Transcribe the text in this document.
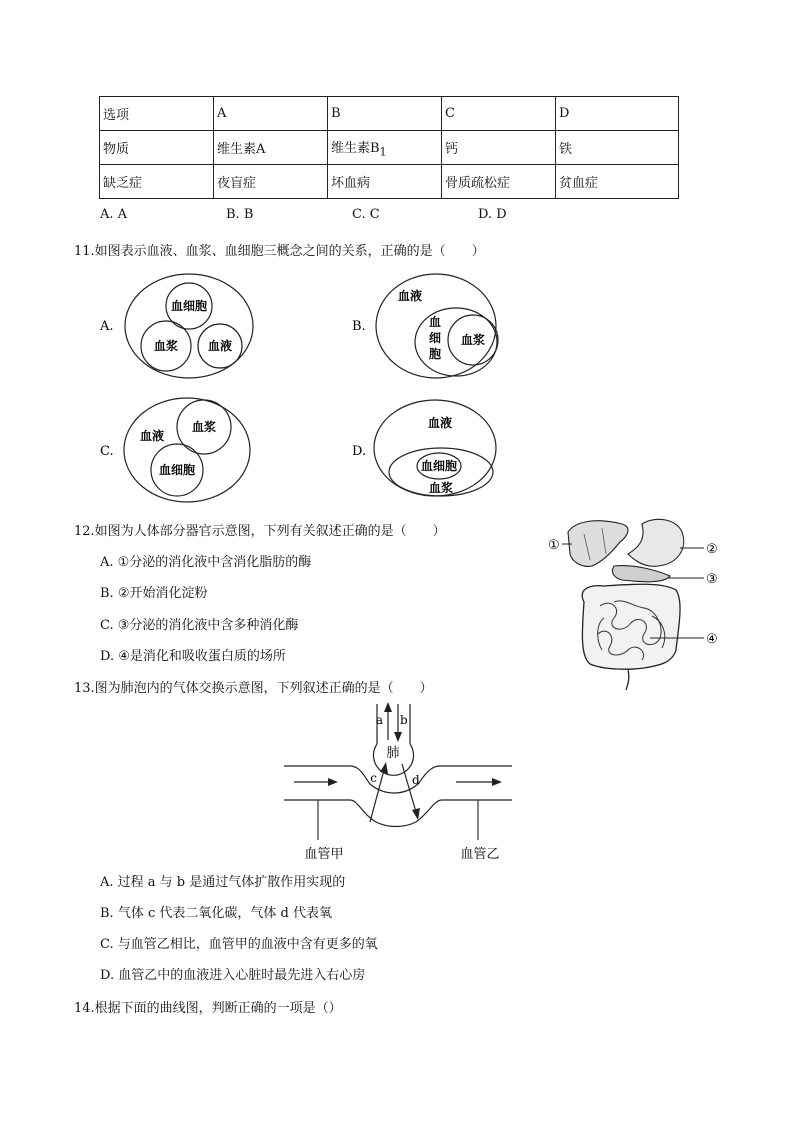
选项	A	B	C	D
物质	维生素A	维生素$B_1$	钙	铁
缺乏症	夜盲症	坏血病	骨质疏松症	贫血症
A. A	B. B	C. C	D. D
11.如图表示血液、血浆、血细胞三概念之间的关系，正确的是（　　）
A.
血细胞
血浆 血液
B.
血液
血
细
胞
血浆
C.
血液
血浆
血细胞
D.
血液
血细胞
血浆
12.如图为人体部分器官示意图，下列有关叙述正确的是（　　）
A. ①分泌的消化液中含消化脂肪的酶
B. ②开始消化淀粉
C. ③分泌的消化液中含多种消化酶
D. ④是消化和吸收蛋白质的场所
①	②
③
④
13.图为肺泡内的气体交换示意图，下列叙述正确的是（　　）
肺
a b
c	d
血管甲	血管乙
A. 过程 a 与 b 是通过气体扩散作用实现的
B. 气体 c 代表二氧化碳，气体 d 代表氧
C. 与血管乙相比，血管甲的血液中含有更多的氧
D. 血管乙中的血液进入心脏时最先进入右心房
14.根据下面的曲线图，判断正确的一项是（）
